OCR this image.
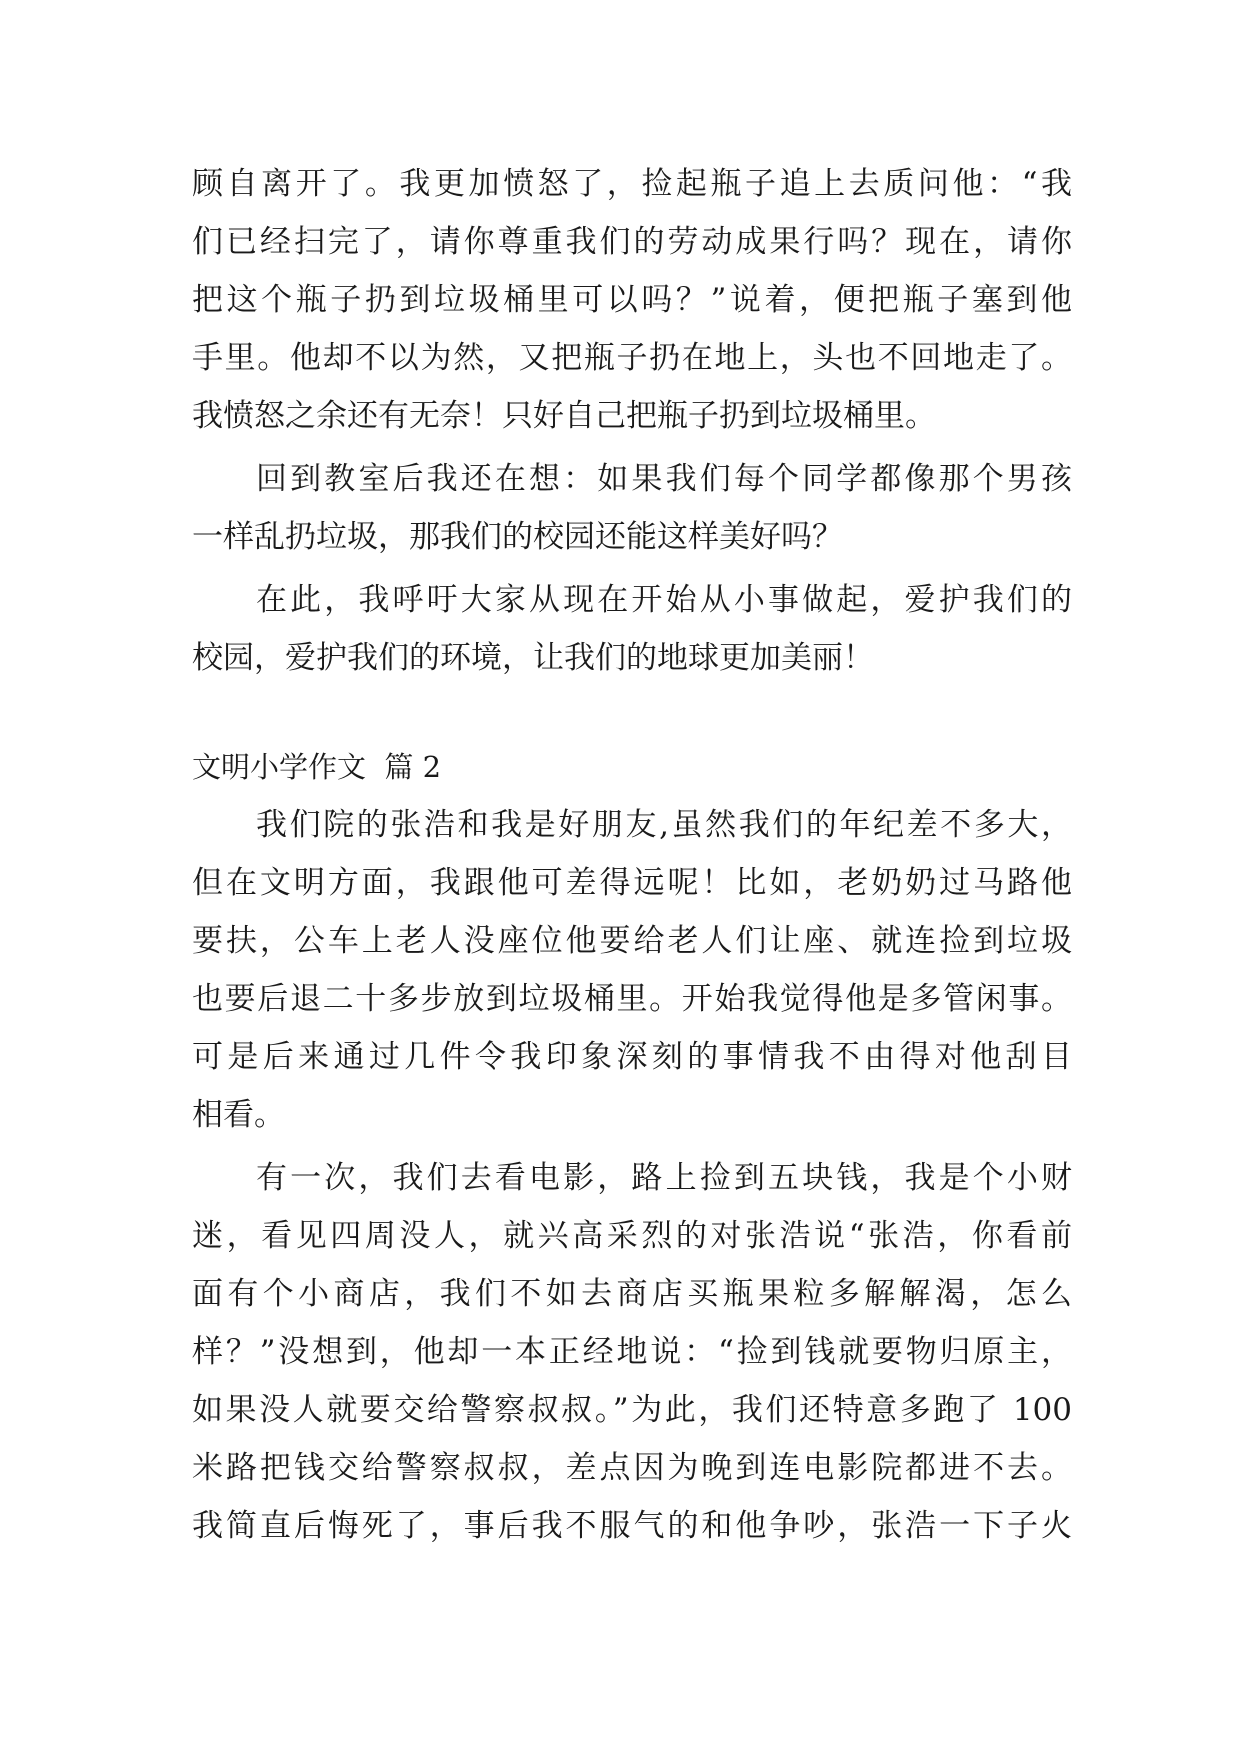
顾自离开了。我更加愤怒了，捡起瓶子追上去质问他：“我
们已经扫完了，请你尊重我们的劳动成果行吗？现在，请你
把这个瓶子扔到垃圾桶里可以吗？”说着，便把瓶子塞到他
手里。他却不以为然，又把瓶子扔在地上，头也不回地走了。
我愤怒之余还有无奈！只好自己把瓶子扔到垃圾桶里。
回到教室后我还在想：如果我们每个同学都像那个男孩
一样乱扔垃圾，那我们的校园还能这样美好吗？
在此，我呼吁大家从现在开始从小事做起，爱护我们的
校园，爱护我们的环境，让我们的地球更加美丽！
文明小学作文  篇 2
我们院的张浩和我是好朋友,虽然我们的年纪差不多大，
但在文明方面，我跟他可差得远呢！比如，老奶奶过马路他
要扶，公车上老人没座位他要给老人们让座、就连捡到垃圾
也要后退二十多步放到垃圾桶里。开始我觉得他是多管闲事。
可是后来通过几件令我印象深刻的事情我不由得对他刮目
相看。
有一次，我们去看电影，路上捡到五块钱，我是个小财
迷，看见四周没人，就兴高采烈的对张浩说“张浩，你看前
面有个小商店，我们不如去商店买瓶果粒多解解渴，怎么
样？”没想到，他却一本正经地说：“捡到钱就要物归原主，
如果没人就要交给警察叔叔。”为此，我们还特意多跑了 100
米路把钱交给警察叔叔，差点因为晚到连电影院都进不去。
我简直后悔死了，事后我不服气的和他争吵，张浩一下子火
